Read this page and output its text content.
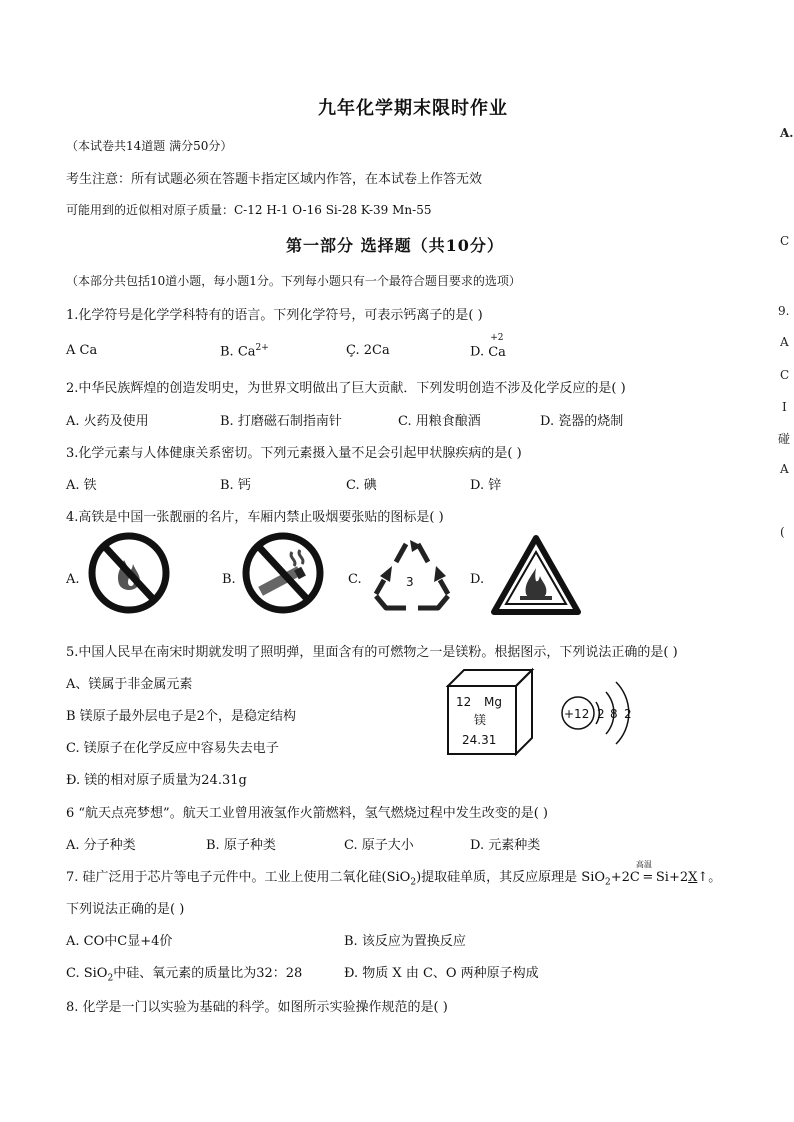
九年化学期末限时作业
（本试卷共14道题 满分50分）
考生注意：所有试题必须在答题卡指定区域内作答，在本试卷上作答无效
可能用到的近似相对原子质量：C-12 H-1 O-16 Si-28 K-39 Mn-55
第一部分 选择题（共10分）
（本部分共包括10道小题，每小题1分。下列每小题只有一个最符合题目要求的选项）
1.化学符号是化学学科特有的语言。下列化学符号，可表示钙离子的是( )
A Ca	B. $Ca^{2+}$	Ç. 2Ca	D.
+2
Ca
2.中华民族辉煌的创造发明史，为世界文明做出了巨大贡献．下列发明创造不涉及化学反应的是( )
A. 火药及使用	B. 打磨磁石制指南针	C. 用粮食酿酒	D. 瓷器的烧制
3.化学元素与人体健康关系密切。下列元素摄入量不足会引起甲状腺疾病的是( )
A. 铁	B. 钙	C. 碘	D. 锌
4.高铁是中国一张靓丽的名片，车厢内禁止吸烟要张贴的图标是( )
A.	B.	C.	3	D.
5.中国人民早在南宋时期就发明了照明弹，里面含有的可燃物之一是镁粉。根据图示，下列说法正确的是( )
A、镁属于非金属元素
B 镁原子最外层电子是2个，是稳定结构
C. 镁原子在化学反应中容易失去电子
Ð. 镁的相对原子质量为24.31g
12 Mg
镁
24.31
+12 2 8 2
6 “航天点亮梦想”。航天工业曾用液氢作火箭燃料，氢气燃烧过程中发生改变的是( )
A. 分子种类	B. 原子种类	C. 原子大小	D. 元素种类
7. 硅广泛用于芯片等电子元件中。工业上使用二氧化硅(SiO$_2$)提取硅单质，其反应原理是 SiO$_2$+2C
高温
= Si+2X↑。
下列说法正确的是( )
A. CO中C显+4价	B. 该反应为置换反应
C. SiO$_2$中硅、氧元素的质量比为32：28	Ð. 物质 X 由 C、O 两种原子构成
8. 化学是一门以实验为基础的科学。如图所示实验操作规范的是( )
A.
C
9.
A
C
I
碰
A
(
